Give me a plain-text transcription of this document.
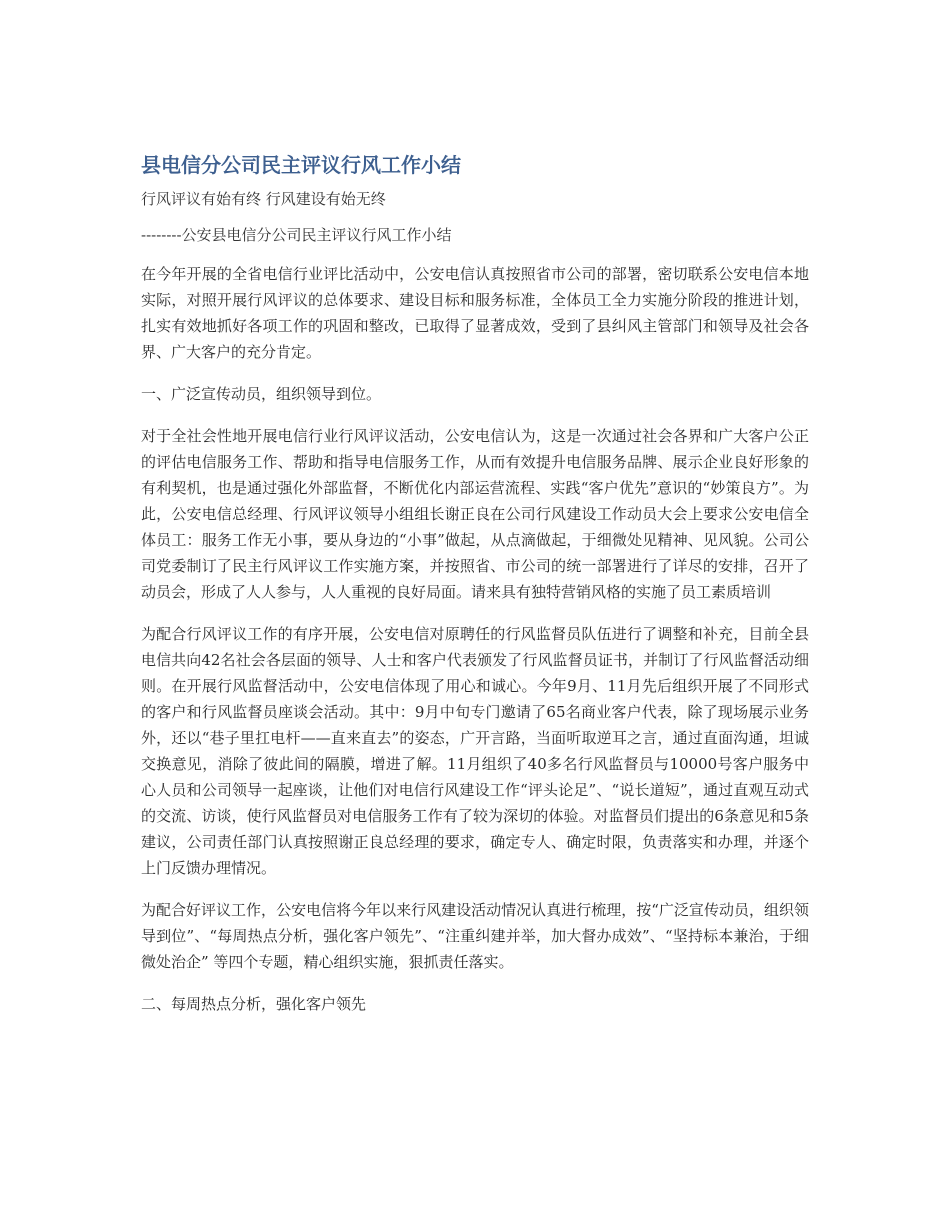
县电信分公司民主评议行风工作小结

行风评议有始有终 行风建设有始无终

--------公安县电信分公司民主评议行风工作小结

在今年开展的全省电信行业评比活动中，公安电信认真按照省市公司的部署，密切联系公安电信本地实际，对照开展行风评议的总体要求、建设目标和服务标准，全体员工全力实施分阶段的推进计划，扎实有效地抓好各项工作的巩固和整改，已取得了显著成效，受到了县纠风主管部门和领导及社会各界、广大客户的充分肯定。

一、广泛宣传动员，组织领导到位。

对于全社会性地开展电信行业行风评议活动，公安电信认为，这是一次通过社会各界和广大客户公正的评估电信服务工作、帮助和指导电信服务工作，从而有效提升电信服务品牌、展示企业良好形象的有利契机，也是通过强化外部监督，不断优化内部运营流程、实践“客户优先”意识的“妙策良方”。为此，公安电信总经理、行风评议领导小组组长谢正良在公司行风建设工作动员大会上要求公安电信全体员工：服务工作无小事，要从身边的“小事”做起，从点滴做起，于细微处见精神、见风貌。公司公司党委制订了民主行风评议工作实施方案，并按照省、市公司的统一部署进行了详尽的安排，召开了动员会，形成了人人参与，人人重视的良好局面。请来具有独特营销风格的实施了员工素质培训

为配合行风评议工作的有序开展，公安电信对原聘任的行风监督员队伍进行了调整和补充，目前全县电信共向42名社会各层面的领导、人士和客户代表颁发了行风监督员证书，并制订了行风监督活动细则。在开展行风监督活动中，公安电信体现了用心和诚心。今年9月、11月先后组织开展了不同形式的客户和行风监督员座谈会活动。其中：9月中旬专门邀请了65名商业客户代表，除了现场展示业务外，还以“巷子里扛电杆——直来直去”的姿态，广开言路，当面听取逆耳之言，通过直面沟通，坦诚交换意见，消除了彼此间的隔膜，增进了解。11月组织了40多名行风监督员与10000号客户服务中心人员和公司领导一起座谈，让他们对电信行风建设工作“评头论足”、“说长道短”，通过直观互动式的交流、访谈，使行风监督员对电信服务工作有了较为深切的体验。对监督员们提出的6条意见和5条建议，公司责任部门认真按照谢正良总经理的要求，确定专人、确定时限，负责落实和办理，并逐个上门反馈办理情况。

为配合好评议工作，公安电信将今年以来行风建设活动情况认真进行梳理，按“广泛宣传动员，组织领导到位”、“每周热点分析，强化客户领先”、“注重纠建并举，加大督办成效”、“坚持标本兼治，于细微处治企” 等四个专题，精心组织实施，狠抓责任落实。

二、每周热点分析，强化客户领先
